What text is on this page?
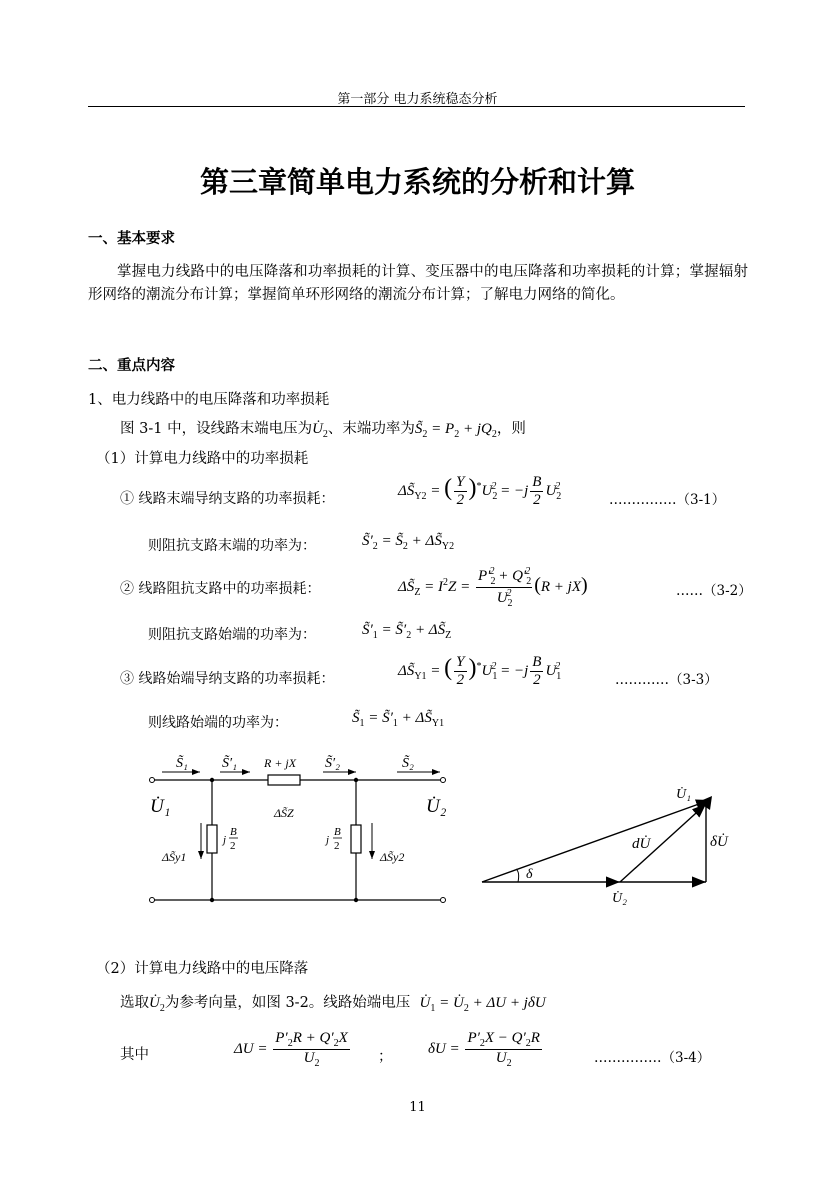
第一部分 电力系统稳态分析
第三章简单电力系统的分析和计算
一、基本要求
掌握电力线路中的电压降落和功率损耗的计算、变压器中的电压降落和功率损耗的计算；掌握辐射形网络的潮流分布计算；掌握简单环形网络的潮流分布计算；了解电力网络的简化。
二、重点内容
1、电力线路中的电压降落和功率损耗
图 3-1 中，设线路末端电压为$U̇_2$、末端功率为$S̃_2 = P_2 + jQ_2$，则
（1）计算电力线路中的功率损耗
① 线路末端导纳支路的功率损耗：
$\Delta S̃_{Y2}$ = ( $\frac{Y}{2} )^*U_2^2 = -j \frac{B}{2} U_2^2$
……………（3-1）
则阻抗支路末端的功率为：	$S̃'_2$ = $S̃_2$ + $\Delta S̃_{Y2}$
② 线路阻抗支路中的功率损耗：	$\Delta S̃_Z = I^2Z = \frac{P'_2^2 + Q'_2^2}{U_2^2} (R + jX)$	……（3-2）
则阻抗支路始端的功率为：	$S̃'_1$ = $S̃'_2$ + $\Delta S̃_Z$
③ 线路始端导纳支路的功率损耗：
$\Delta S̃_{Y1}$ = ( $\frac{Y}{2} )^*U_1^2 = -j \frac{B}{2} U_1^2$
…………（3-3）
则线路始端的功率为：	$S̃_1$ = $S̃'_1$ + $\Delta S̃_{Y1}$
S̃₁ S̃′₁ R + jX S̃′₂	S̃₂
U̇₁	U̇₂
ΔS̃Z
ΔS̃y1	ΔS̃y2
j
B
2	j
B
2
U̇₁
dU̇	δU̇
δ
U̇₂
（2）计算电力线路中的电压降落
选取$U̇_2$为参考向量，如图 3-2。线路始端电压 $U̇_1$ = $U̇_2 + \Delta U + j\delta U$
其中	$\Delta U = \frac{P'_2R + Q'_2X}{U_2}$ ；
$\delta U = \frac{P'_2X - Q'_2R}{U_2}$	……………（3-4）
11
